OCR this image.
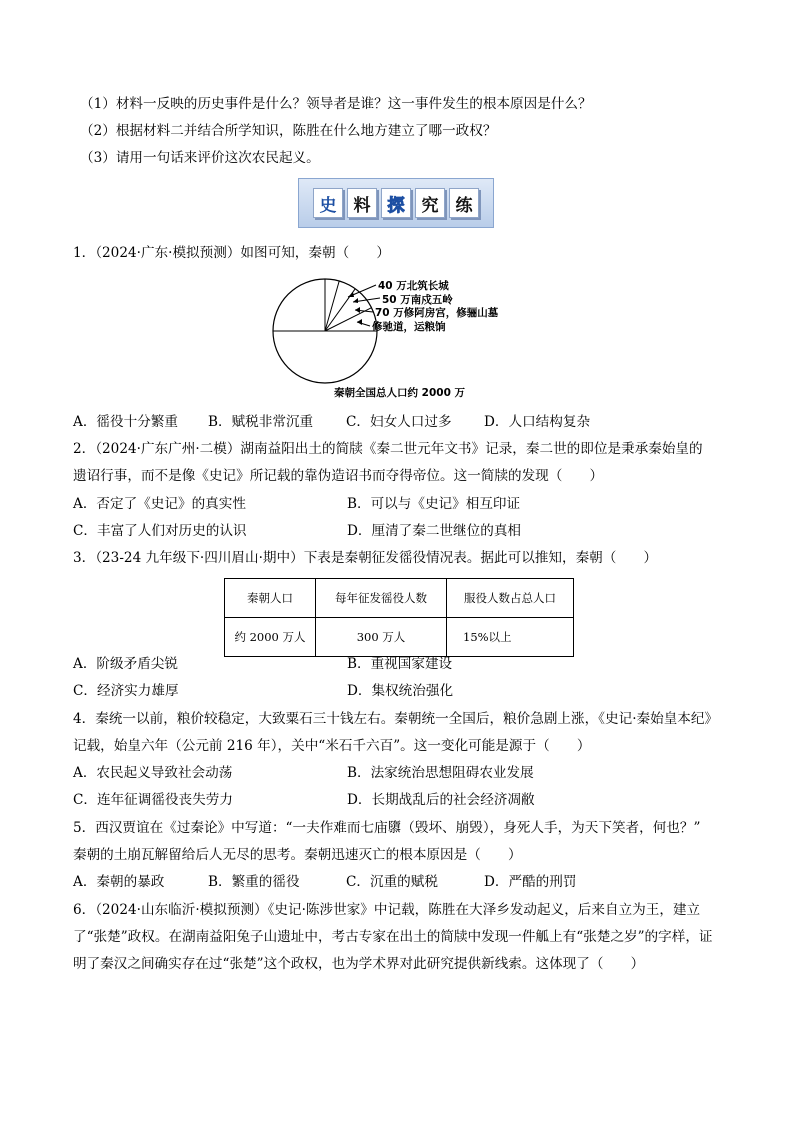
（1）材料一反映的历史事件是什么？领导者是谁？这一事件发生的根本原因是什么？
（2）根据材料二并结合所学知识，陈胜在什么地方建立了哪一政权？
（3）请用一句话来评价这次农民起义。
史	料	探	究	练
1．（2024·广东·模拟预测）如图可知，秦朝（　　）
40 万北筑长城
50 万南戍五岭
70 万修阿房宫，修骊山墓
修驰道，运粮饷
秦朝全国总人口约 2000 万
A．徭役十分繁重 B．赋税非常沉重 C．妇女人口过多 D．人口结构复杂
2．（2024·广东广州·二模）湖南益阳出土的简牍《秦二世元年文书》记录，秦二世的即位是秉承秦始皇的
遗诏行事，而不是像《史记》所记载的靠伪造诏书而夺得帝位。这一简牍的发现（　　）
A．否定了《史记》的真实性	B．可以与《史记》相互印证
C．丰富了人们对历史的认识	D．厘清了秦二世继位的真相
3．（23-24 九年级下·四川眉山·期中）下表是秦朝征发徭役情况表。据此可以推知，秦朝（　　）
秦朝人口	每年征发徭役人数	服役人数占总人口
约 2000 万人	300 万人	15%以上
A．阶级矛盾尖锐	B．重视国家建设
C．经济实力雄厚	D．集权统治强化
4．秦统一以前，粮价较稳定，大致粟石三十钱左右。秦朝统一全国后，粮价急剧上涨，《史记·秦始皇本纪》
记载，始皇六年（公元前 216 年），关中“米石千六百”。这一变化可能是源于（　　）
A．农民起义导致社会动荡	B．法家统治思想阻碍农业发展
C．连年征调徭役丧失劳力	D．长期战乱后的社会经济凋敝
5．西汉贾谊在《过秦论》中写道：“一夫作难而七庙隳（毁坏、崩毁），身死人手，为天下笑者，何也？”
秦朝的土崩瓦解留给后人无尽的思考。秦朝迅速灭亡的根本原因是（　　）
A．秦朝的暴政	B．繁重的徭役	C．沉重的赋税	D．严酷的刑罚
6．（2024·山东临沂·模拟预测）《史记·陈涉世家》中记载，陈胜在大泽乡发动起义，后来自立为王，建立
了“张楚”政权。在湖南益阳兔子山遗址中，考古专家在出土的简牍中发现一件觚上有“张楚之岁”的字样，证
明了秦汉之间确实存在过“张楚”这个政权，也为学术界对此研究提供新线索。这体现了（　　）
